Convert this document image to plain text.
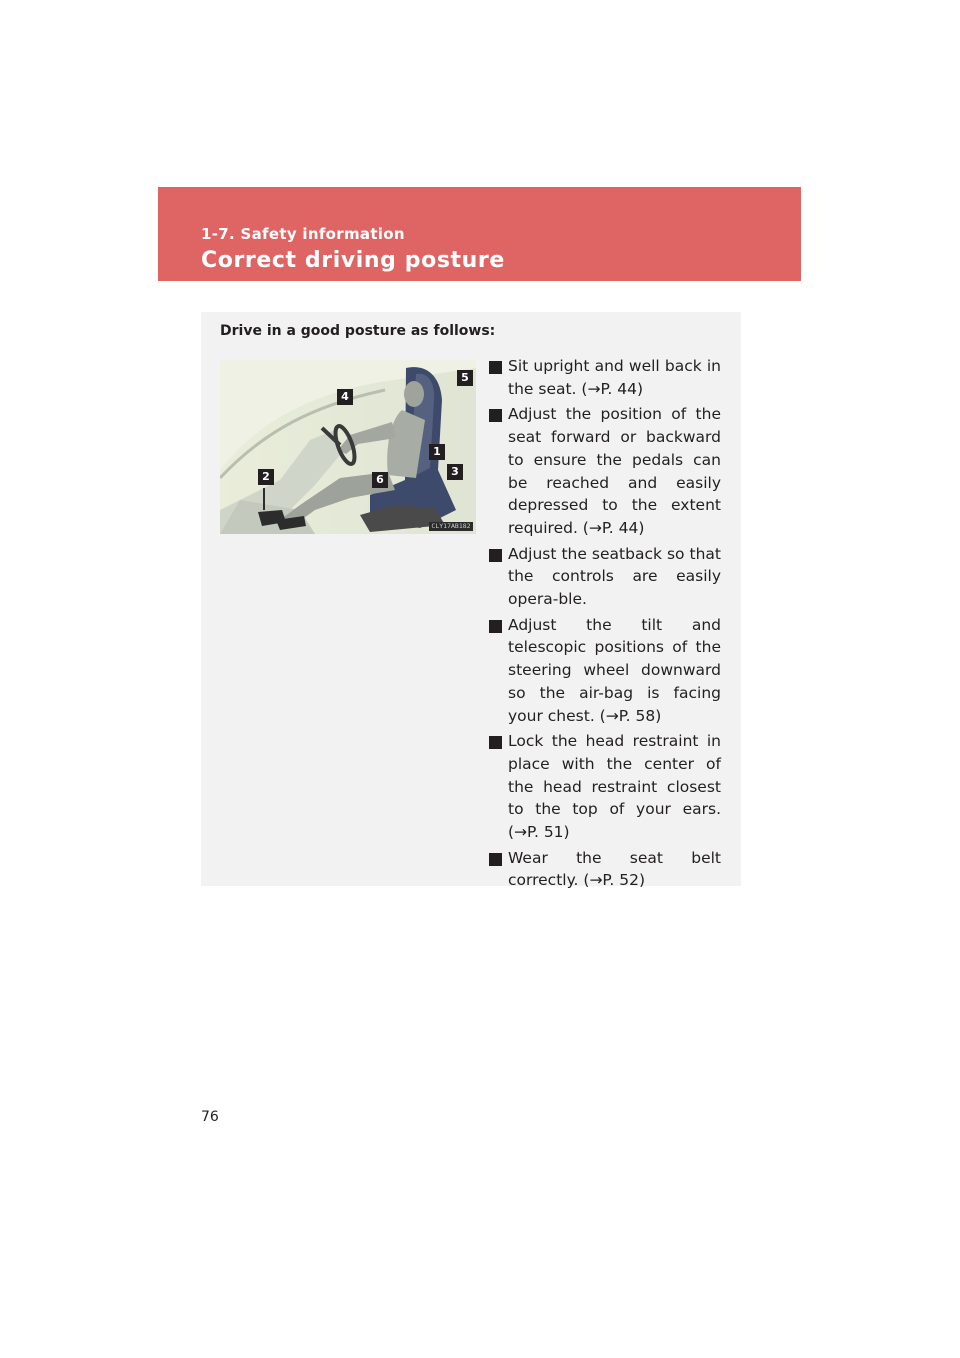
1-7. Safety information
Correct driving posture
Drive in a good posture as follows:
5
4
1
3
2	6
CLY17AB182
Sit upright and well back in the seat. (→P. 44)
Adjust the position of the seat forward or backward to ensure the pedals can be reached and easily depressed to the extent required. (→P. 44)
Adjust the seatback so that the controls are easily opera-ble.
Adjust the tilt and telescopic positions of the steering wheel downward so the air-bag is facing your chest. (→P. 58)
Lock the head restraint in place with the center of the head restraint closest to the top of your ears. (→P. 51)
Wear the seat belt correctly. (→P. 52)
76
